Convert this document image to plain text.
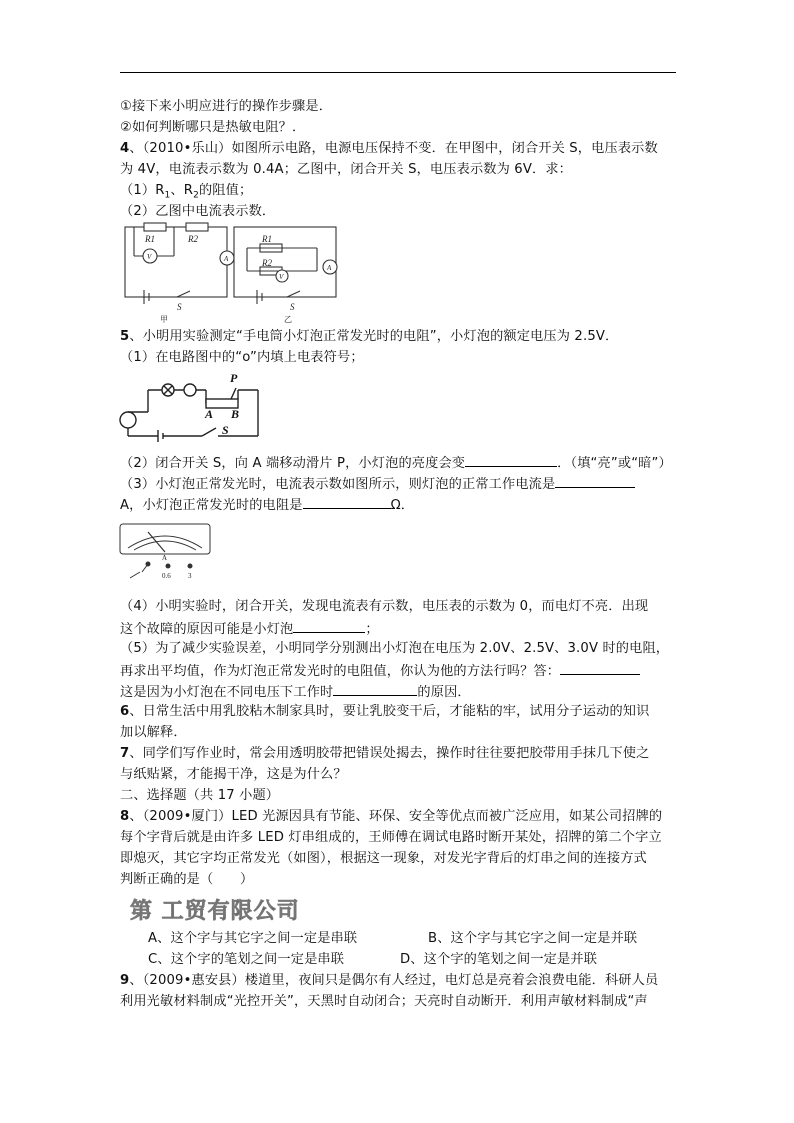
①接下来小明应进行的操作步骤是．
②如何判断哪只是热敏电阻？．
4、（2010•乐山）如图所示电路，电源电压保持不变．在甲图中，闭合开关 S，电压表示数
为 4V，电流表示数为 0.4A；乙图中，闭合开关 S，电压表示数为 6V．求：
$(1)R_1$、$R_2$的阻值；
（2）乙图中电流表示数．
R1	R2
V	A
S
甲
R1
R2
V
A
S
乙
5、小明用实验测定“手电筒小灯泡正常发光时的电阻”，小灯泡的额定电压为 2.5V．
（1）在电路图中的“o”内填上电表符号；
P
A B
S
（2）闭合开关 S，向 A 端移动滑片 P，小灯泡的亮度会变	．（填“亮”或“暗”）
（3）小灯泡正常发光时，电流表示数如图所示，则灯泡的正常工作电流是
A，小灯泡正常发光时的电阻是	Ω．
A
0.6 3
（4）小明实验时，闭合开关，发现电流表有示数，电压表的示数为 0，而电灯不亮．出现
这个故障的原因可能是小灯泡	；
（5）为了减少实验误差，小明同学分别测出小灯泡在电压为 2.0V、2.5V、3.0V 时的电阻，
再求出平均值，作为灯泡正常发光时的电阻值，你认为他的方法行吗？答：
这是因为小灯泡在不同电压下工作时	的原因．
6、日常生活中用乳胶粘木制家具时，要让乳胶变干后，才能粘的牢，试用分子运动的知识
加以解释．
7、同学们写作业时，常会用透明胶带把错误处揭去，操作时往往要把胶带用手抹几下使之
与纸贴紧，才能揭干净，这是为什么？
二、选择题（共 17 小题）
8、（2009•厦门）LED 光源因具有节能、环保、安全等优点而被广泛应用，如某公司招牌的
每个字背后就是由许多 LED 灯串组成的，王师傅在调试电路时断开某处，招牌的第二个字立
即熄灭，其它字均正常发光（如图），根据这一现象，对发光字背后的灯串之间的连接方式
判断正确的是（　　）
第 工贸有限公司
A、这个字与其它字之间一定是串联	B、这个字与其它字之间一定是并联
C、这个字的笔划之间一定是串联	D、这个字的笔划之间一定是并联
9、（2009•惠安县）楼道里，夜间只是偶尔有人经过，电灯总是亮着会浪费电能．科研人员
利用光敏材料制成“光控开关”，天黑时自动闭合；天亮时自动断开．利用声敏材料制成“声
